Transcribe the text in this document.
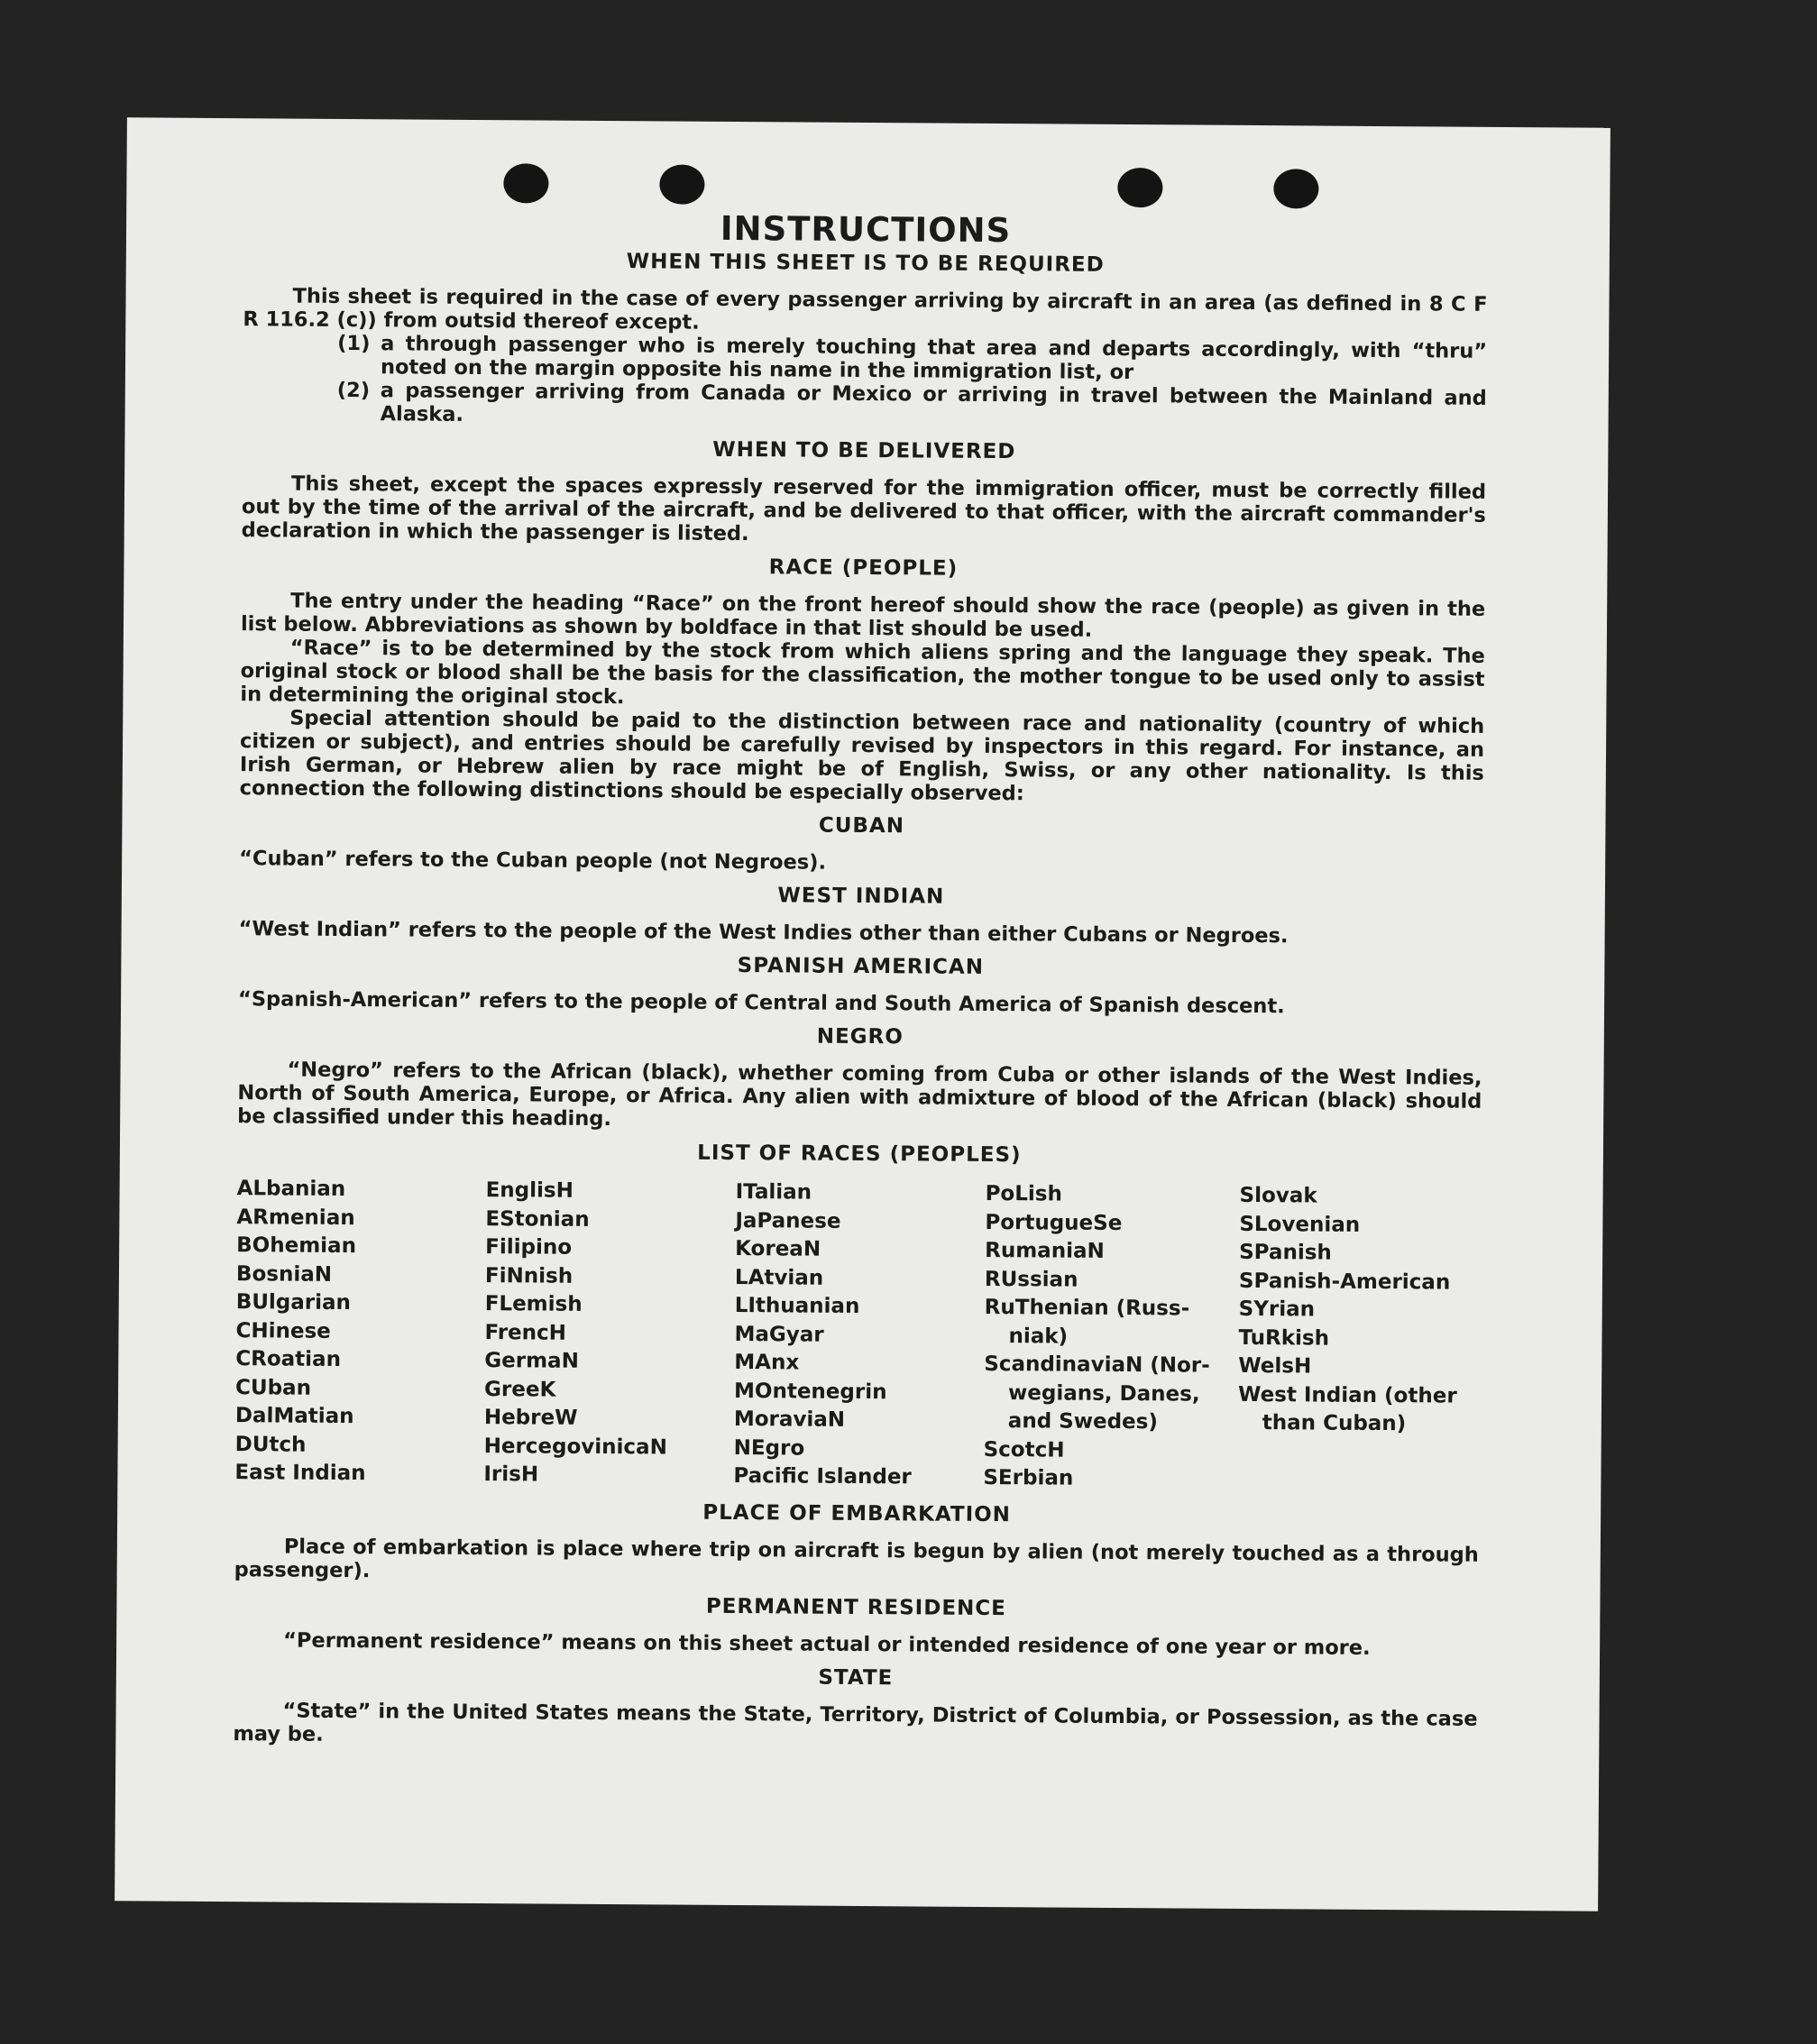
INSTRUCTIONS
WHEN THIS SHEET IS TO BE REQUIRED

This sheet is required in the case of every passenger arriving by aircraft in an area (as defined in 8 C F R 116.2 (c)) from outsid thereof except.

(1) a through passenger who is merely touching that area and departs accordingly, with “thru” noted on the margin opposite his name in the immigration list, or
(2) a passenger arriving from Canada or Mexico or arriving in travel between the Mainland and Alaska.
WHEN TO BE DELIVERED

This sheet, except the spaces expressly reserved for the immigration officer, must be correctly filled out by the time of the arrival of the aircraft, and be delivered to that officer, with the aircraft commander's declaration in which the passenger is listed.

RACE (PEOPLE)

The entry under the heading “Race” on the front hereof should show the race (people) as given in the list below. Abbreviations as shown by boldface in that list should be used.

“Race” is to be determined by the stock from which aliens spring and the language they speak. The original stock or blood shall be the basis for the classification, the mother tongue to be used only to assist in determining the original stock.

Special attention should be paid to the distinction between race and nationality (country of which citizen or subject), and entries should be carefully revised by inspectors in this regard. For instance, an Irish German, or Hebrew alien by race might be of English, Swiss, or any other nationality. Is this connection the following distinctions should be especially observed:

CUBAN

“Cuban” refers to the Cuban people (not Negroes).

WEST INDIAN

“West Indian” refers to the people of the West Indies other than either Cubans or Negroes.

SPANISH AMERICAN

“Spanish-American” refers to the people of Central and South America of Spanish descent.

NEGRO

“Negro” refers to the African (black), whether coming from Cuba or other islands of the West Indies, North of South America, Europe, or Africa. Any alien with admixture of blood of the African (black) should be classified under this heading.

LIST OF RACES (PEOPLES)
ALbanian
ARmenian
BOhemian
BosniaN
BUlgarian
CHinese
CRoatian
CUban
DalMatian
DUtch
East Indian
EnglisH
EStonian
Filipino
FiNnish
FLemish
FrencH
GermaN
GreeK
HebreW
HercegovinicaN
IrisH
ITalian
JaPanese
KoreaN
LAtvian
LIthuanian
MaGyar
MAnx
MOntenegrin
MoraviaN
NEgro
Pacific Islander
PoLish
PortugueSe
RumaniaN
RUssian
RuThenian (Russ-
niak)
ScandinaviaN (Nor-
wegians, Danes,
and Swedes)
ScotcH
SErbian
Slovak
SLovenian
SPanish
SPanish-American
SYrian
TuRkish
WelsH
West Indian (other
than Cuban)
PLACE OF EMBARKATION

Place of embarkation is place where trip on aircraft is begun by alien (not merely touched as a through passenger).

PERMANENT RESIDENCE

“Permanent residence” means on this sheet actual or intended residence of one year or more.

STATE

“State” in the United States means the State, Territory, District of Columbia, or Possession, as the case may be.
